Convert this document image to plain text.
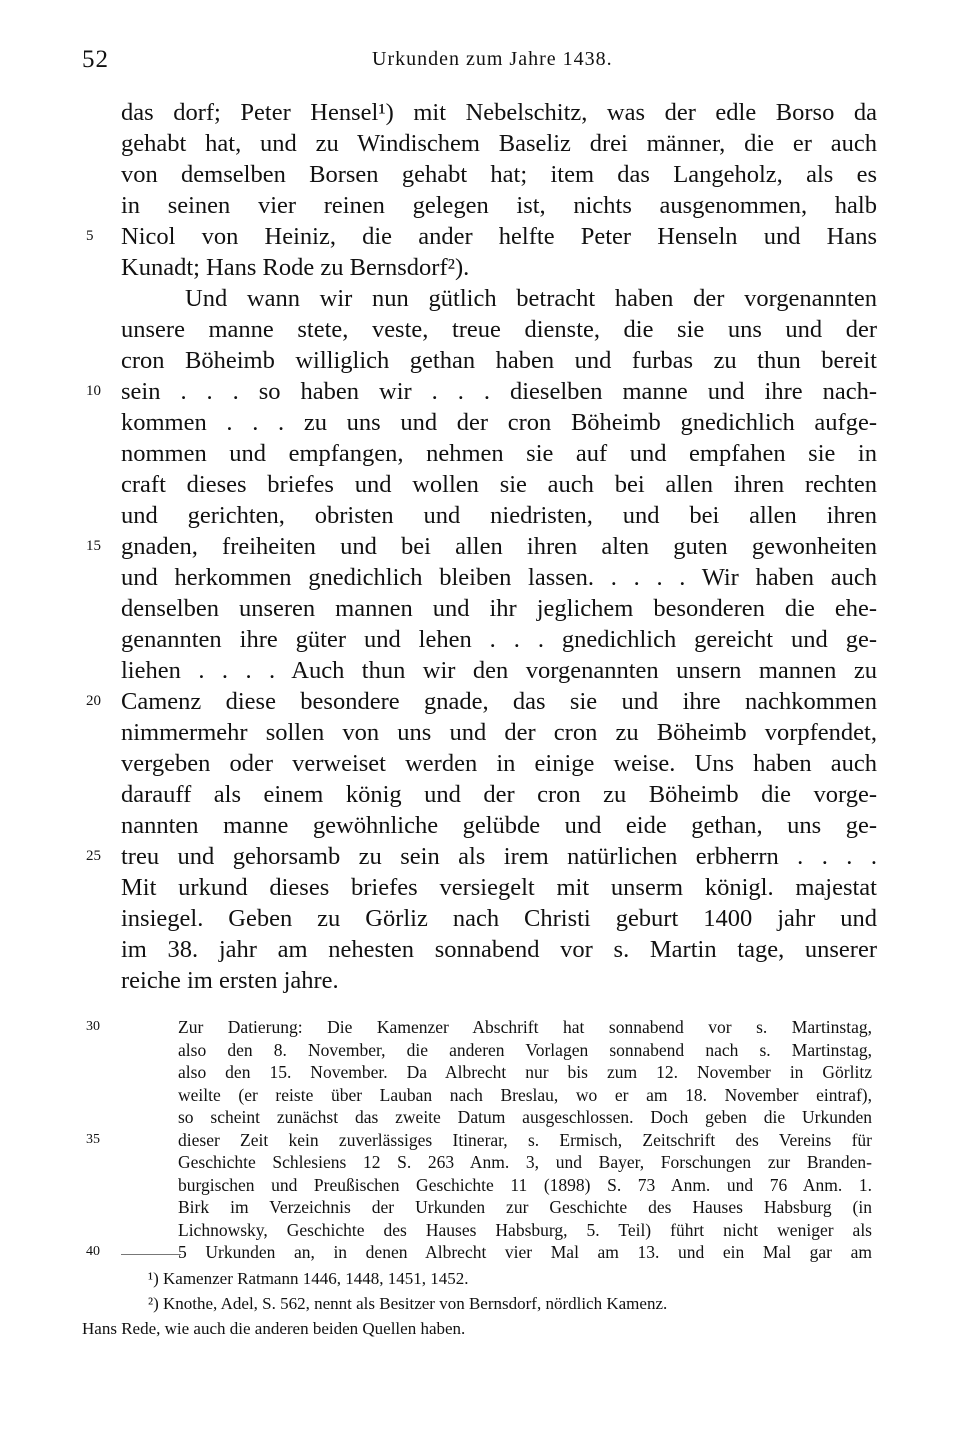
52	Urkunden zum Jahre 1438.
das dorf; Peter Hensel¹) mit Nebelschitz, was der edle Borso da
gehabt hat, und zu Windischem Baseliz drei männer, die er auch
von demselben Borsen gehabt hat; item das Langeholz, als es
in seinen vier reinen gelegen ist, nichts ausgenommen, halb
Nicol von Heiniz, die ander helfte Peter Henseln und Hans
5
Kunadt; Hans Rode zu Bernsdorf²).
Und wann wir nun gütlich betracht haben der vorgenannten
unsere manne stete, veste, treue dienste, die sie uns und der
cron Böheimb williglich gethan haben und furbas zu thun bereit
sein . . . so haben wir . . . dieselben manne und ihre nach-
10
kommen . . . zu uns und der cron Böheimb gnedichlich aufge-
nommen und empfangen, nehmen sie auf und empfahen sie in
craft dieses briefes und wollen sie auch bei allen ihren rechten
und gerichten, obristen und niedristen, und bei allen ihren
gnaden, freiheiten und bei allen ihren alten guten gewonheiten
15
und herkommen gnedichlich bleiben lassen. . . . . Wir haben auch
denselben unseren mannen und ihr jeglichem besonderen die ehe-
genannten ihre güter und lehen . . . gnedichlich gereicht und ge-
liehen . . . . Auch thun wir den vorgenannten unsern mannen zu
Camenz diese besondere gnade, das sie und ihre nachkommen
20
nimmermehr sollen von uns und der cron zu Böheimb vorpfendet,
vergeben oder verweiset werden in einige weise. Uns haben auch
darauff als einem könig und der cron zu Böheimb die vorge-
nannten manne gewöhnliche gelübde und eide gethan, uns ge-
treu und gehorsamb zu sein als irem natürlichen erbherrn . . . .
25
Mit urkund dieses briefes versiegelt mit unserm königl. majestat
insiegel. Geben zu Görliz nach Christi geburt 1400 jahr und
im 38. jahr am nehesten sonnabend vor s. Martin tage, unserer
reiche im ersten jahre.
Zur Datierung: Die Kamenzer Abschrift hat sonnabend vor s. Martinstag,
30
also den 8. November, die anderen Vorlagen sonnabend nach s. Martinstag,
also den 15. November. Da Albrecht nur bis zum 12. November in Görlitz
weilte (er reiste über Lauban nach Breslau, wo er am 18. November eintraf),
so scheint zunächst das zweite Datum ausgeschlossen. Doch geben die Urkunden
dieser Zeit kein zuverlässiges Itinerar, s. Ermisch, Zeitschrift des Vereins für
35
Geschichte Schlesiens 12 S. 263 Anm. 3, und Bayer, Forschungen zur Branden-
burgischen und Preußischen Geschichte 11 (1898) S. 73 Anm. und 76 Anm. 1.
Birk im Verzeichnis der Urkunden zur Geschichte des Hauses Habsburg (in
Lichnowsky, Geschichte des Hauses Habsburg, 5. Teil) führt nicht weniger als
5 Urkunden an, in denen Albrecht vier Mal am 13. und ein Mal gar am
40
¹) Kamenzer Ratmann 1446, 1448, 1451, 1452.
²) Knothe, Adel, S. 562, nennt als Besitzer von Bernsdorf, nördlich Kamenz.
Hans Rede, wie auch die anderen beiden Quellen haben.
